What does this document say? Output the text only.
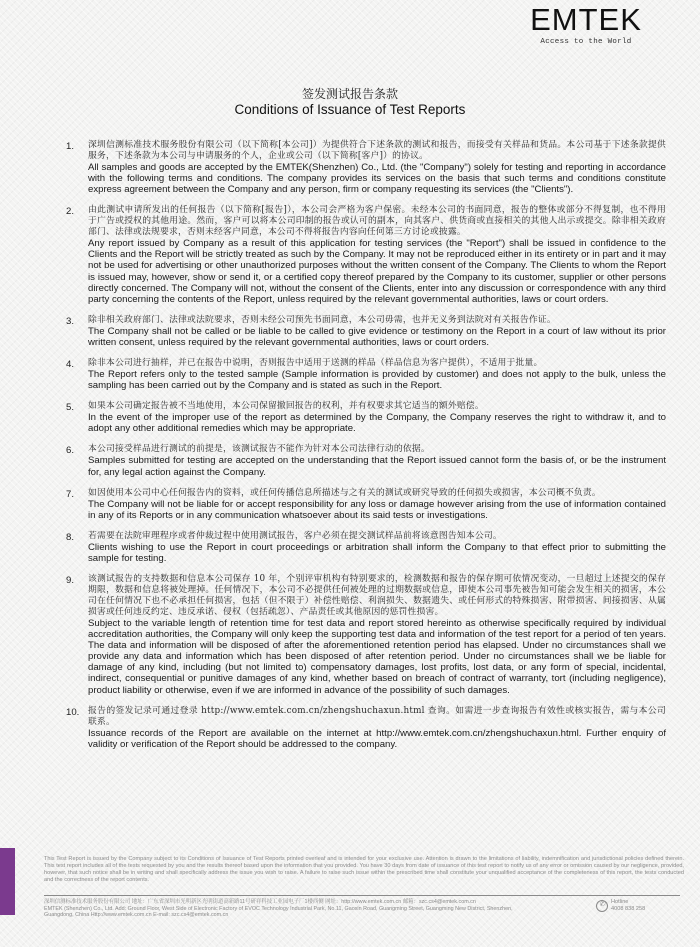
EMTEK
Access to the World
签发测试报告条款
Conditions of Issuance of Test Reports
1. 深圳信测标准技术服务股份有限公司（以下简称[本公司]）为提供符合下述条款的测试和报告，而接受有关样品和货品。本公司基于下述条款提供服务，下述条款为本公司与申请服务的个人，企业或公司（以下简称[客户]）的协议。
All samples and goods are accepted by the EMTEK(Shenzhen) Co., Ltd. (the "Company") solely for testing and reporting in accordance with the following terms and conditions. The company provides its services on the basis that such terms and conditions constitute express agreement between the Company and any person, firm or company requesting its services (the "Clients").
2. 由此测试申请所发出的任何报告（以下简称[报告]），本公司会严格为客户保密。未经本公司的书面同意，报告的整体或部分不得复制，也不得用于广告或授权的其他用途。然而，客户可以将本公司印制的报告或认可的副本，向其客户、供货商或直接相关的其他人出示或提交。除非相关政府部门、法律或法规要求，否则未经客户同意，本公司不得将报告内容向任何第三方讨论或披露。
Any report issued by Company as a result of this application for testing services (the "Report") shall be issued in confidence to the Clients and the Report will be strictly treated as such by the Company. It may not be reproduced either in its entirety or in part and it may not be used for advertising or other unauthorized purposes without the written consent of the Company. The Clients to whom the Report is issued may, however, show or send it, or a certified copy thereof prepared by the Company to its customer, supplier or other persons directly concerned. The Company will not, without the consent of the Clients, enter into any discussion or correspondence with any third party concerning the contents of the Report, unless required by the relevant governmental authorities, laws or court orders.
3. 除非相关政府部门、法律或法院要求，否则未经公司预先书面同意，本公司毋需，也并无义务到法院对有关报告作证。
The Company shall not be called or be liable to be called to give evidence or testimony on the Report in a court of law without its prior written consent, unless required by the relevant governmental authorities, laws or court orders.
4. 除非本公司进行抽样，并已在报告中说明，否则报告中适用于送测的样品（样品信息为客户提供），不适用于批量。
The Report refers only to the tested sample (Sample information is provided by customer) and does not apply to the bulk, unless the sampling has been carried out by the Company and is stated as such in the Report.
5. 如果本公司确定报告被不当地使用，本公司保留撤回报告的权利，并有权要求其它适当的额外赔偿。
In the event of the improper use of the report as determined by the Company, the Company reserves the right to withdraw it, and to adopt any other additional remedies which may be appropriate.
6. 本公司接受样品进行测试的前提是，该测试报告不能作为针对本公司法律行动的依据。
Samples submitted for testing are accepted on the understanding that the Report issued cannot form the basis of, or be the instrument for, any legal action against the Company.
7. 如因使用本公司中心任何报告内的资料，或任何传播信息所描述与之有关的测试或研究导致的任何损失或损害，本公司概不负责。
The Company will not be liable for or accept responsibility for any loss or damage however arising from the use of information contained in any of its Reports or in any communication whatsoever about its said tests or investigations.
8. 若需要在法院审理程序或者仲裁过程中使用测试报告，客户必须在提交测试样品前将该意图告知本公司。
Clients wishing to use the Report in court proceedings or arbitration shall inform the Company to that effect prior to submitting the sample for testing.
9. 该测试报告的支持数据和信息本公司保存 10 年，个别评审机构有特别要求的，检测数据和报告的保存期可依情况变动，一旦超过上述提交的保存期限，数据和信息将被处理掉。任何情况下，本公司不必提供任何被处理的过期数据或信息，即使本公司事先被告知可能会发生相关的损害，本公司在任何情况下也不必承担任何损害，包括（但不限于）补偿性赔偿、利润损失、数据遗失、或任何形式的特殊损害、附带损害、间接损害、从属损害或任何违反约定、违反承诺、侵权（包括疏忽）、产品责任或其他原因的惩罚性损害。
Subject to the variable length of retention time for test data and report stored hereinto as otherwise specifically required by individual accreditation authorities, the Company will only keep the supporting test data and information of the test report for a period of ten years. The data and information will be disposed of after the aforementioned retention period has elapsed. Under no circumstances shall we provide any data and information which has been disposed of after retention period. Under no circumstances shall we be liable for damage of any kind, including (but not limited to) compensatory damages, lost profits, lost data, or any form of special, incidental, indirect, consequential or punitive damages of any kind, whether based on breach of contract of warranty, tort (including negligence), product liability or otherwise, even if we are informed in advance of the possibility of such damages.
10. 报告的签发记录可通过登录 http://www.emtek.com.cn/zhengshuchaxun.html 查询。如需进一步查询报告有效性或核实报告，需与本公司联系。
Issuance records of the Report are available on the internet at http://www.emtek.com.cn/zhengshuchaxun.html. Further enquiry of validity or verification of the Report should be addressed to the company.
This Test Report is issued by the Company subject to its Conditions of Issuance of Test Reports printed overleaf and is intended for your exclusive use. Attention is drawn to the limitations of liability, indemnification and jurisdictional policies defined therein. This test report includes all of the tests requested by you and the results thereof based upon the information that you provided. You have 30 days from date of issuance of this test report to notify us of any error or omission caused by our negligence, provided, however, that such notice shall be in writing and shall specifically address the issue you wish to raise. A failure to raise such issue within the prescribed time shall constitute your unqualified acceptance of the completeness of this report, the tests conducted and the correctness of the report contents.
深圳信测标准技术服务股份有限公司 地址：广东省深圳市光明新区光明街道高新路11号研祥科技工业园电子厂1楼西侧 网址：http://www.emtek.com.cn 邮箱：szc.cs4@emtek.com.cn
EMTEK (Shenzhen) Co., Ltd. Add: Ground Floor, West Side of Electronic Factory of EVOC Technology Industrial Park, No.11, Gaoxin Road, Guangming Street, Guangming New District, Shenzhen,
Guangdong, China Http://www.emtek.com.cn E-mail: szc.cs4@emtek.com.cn
✆	Hotline
4008 838 258
